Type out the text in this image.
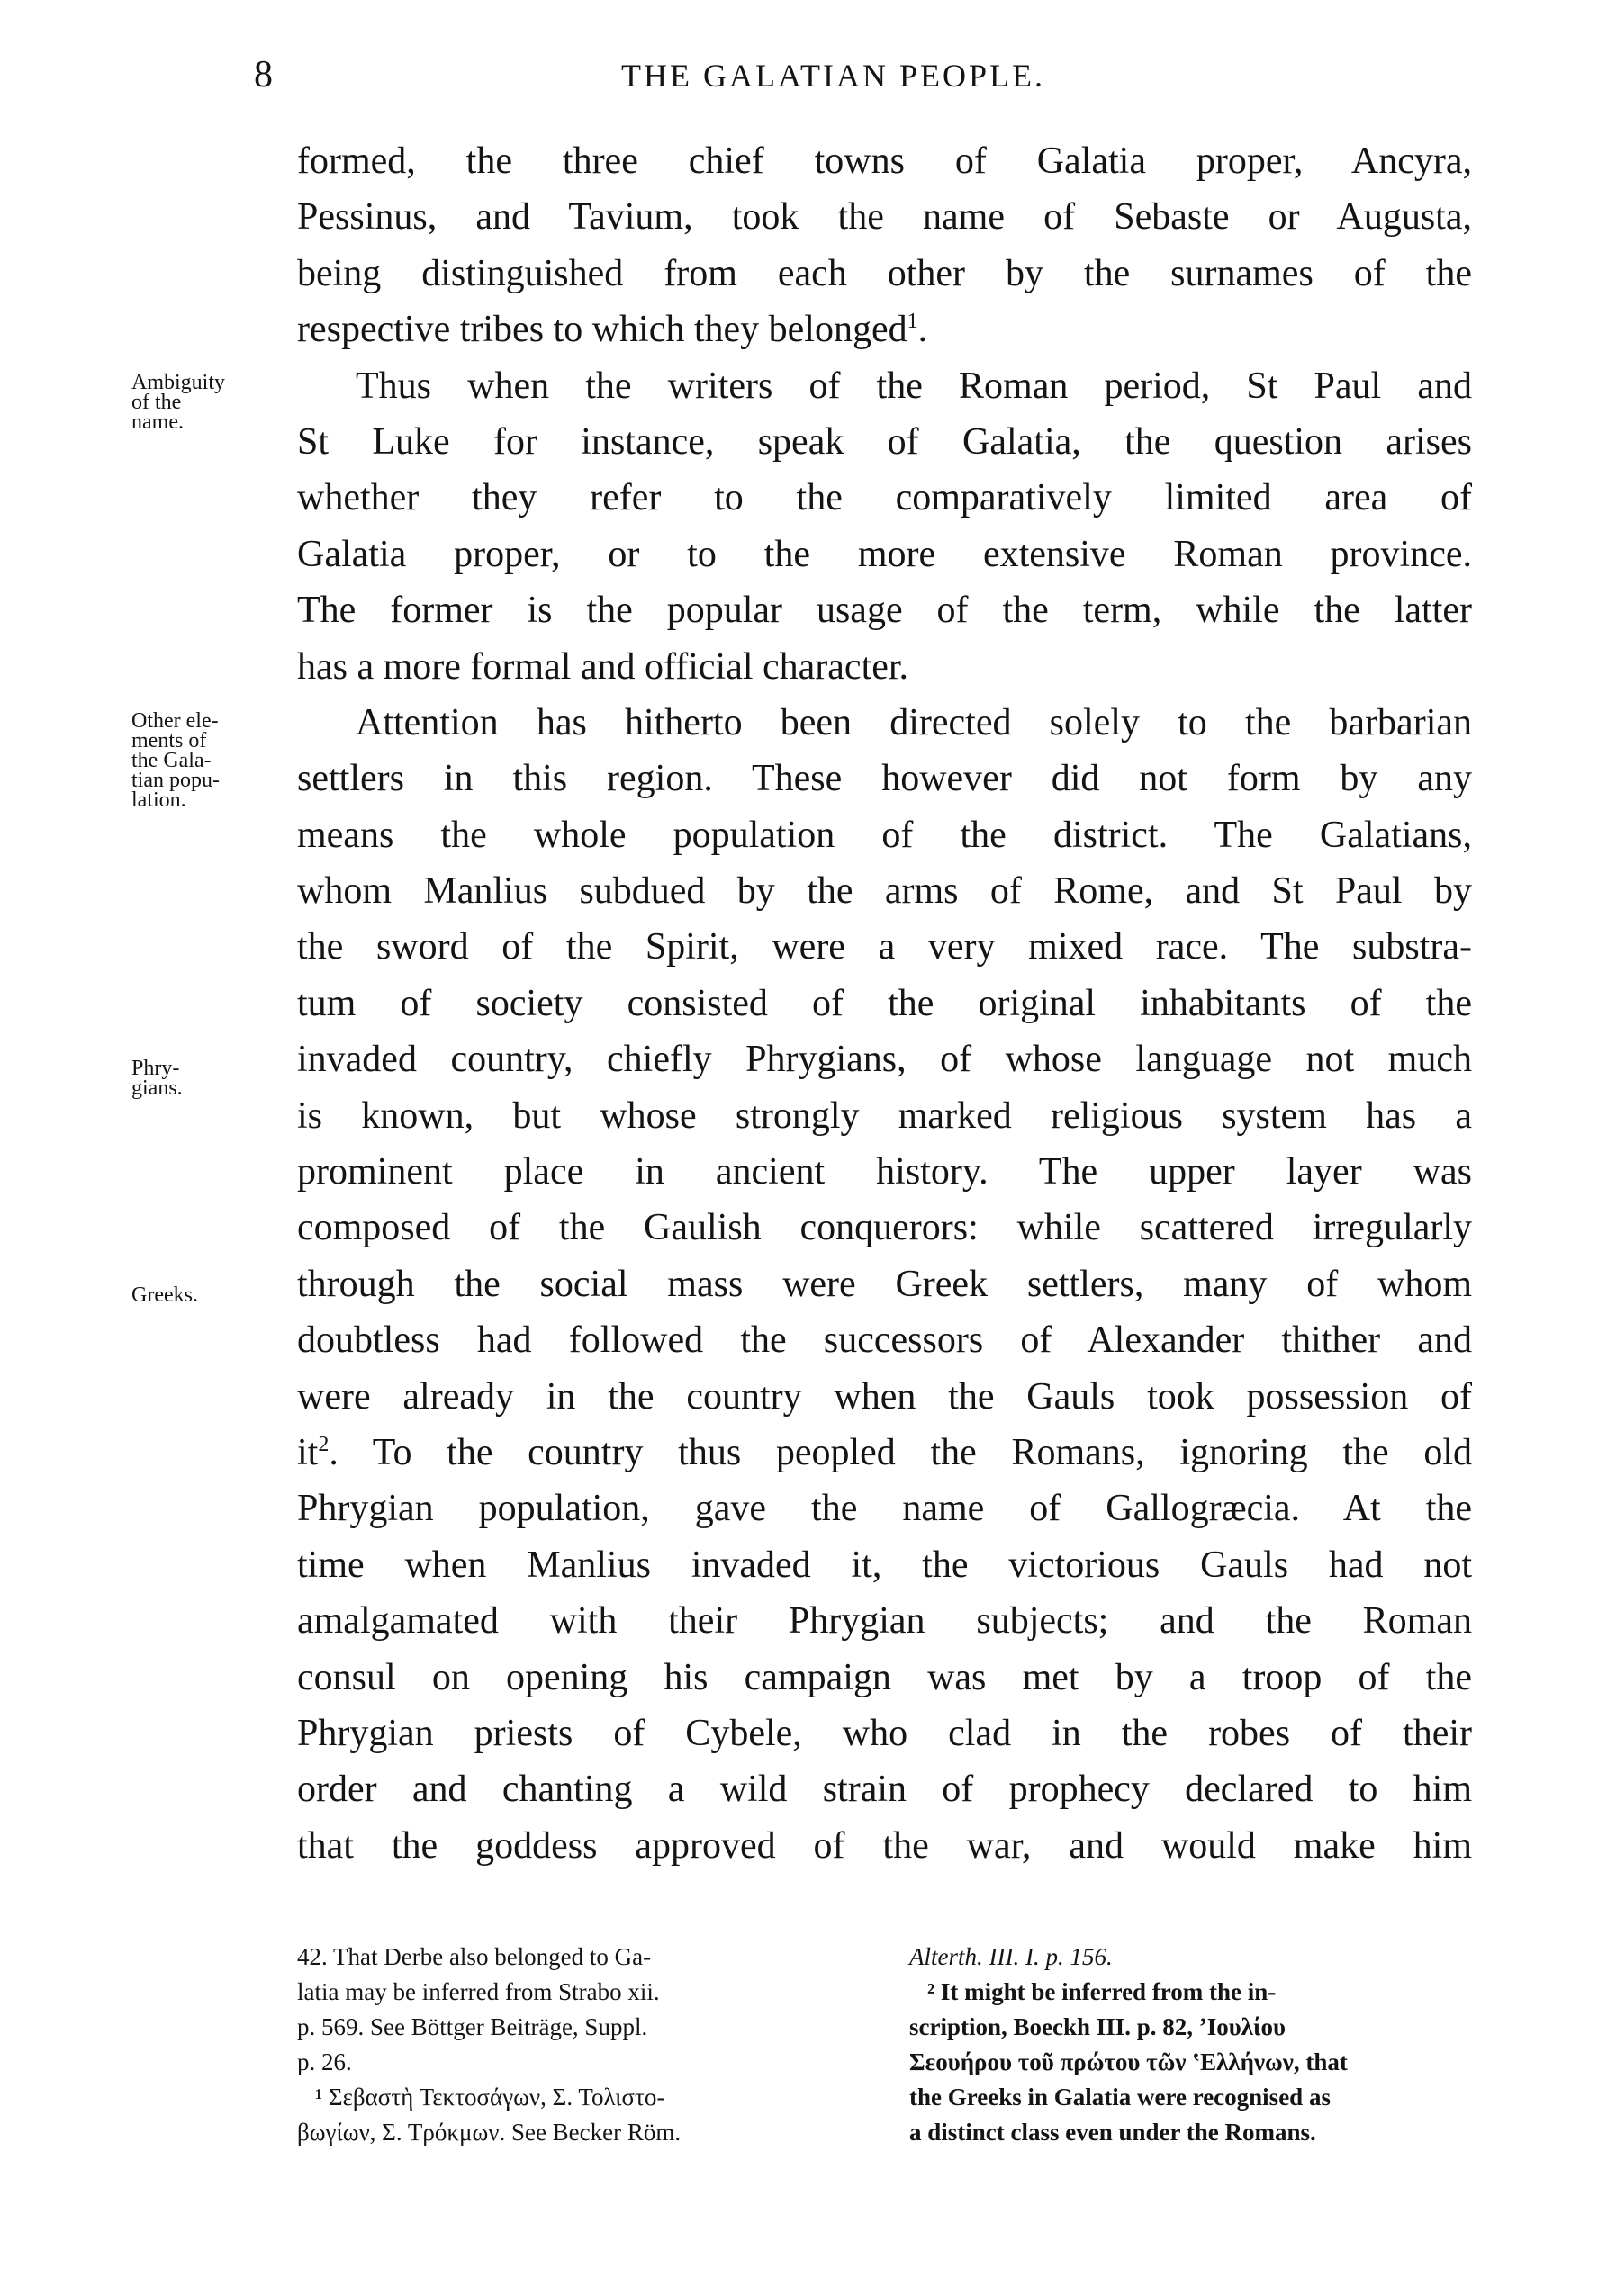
8	THE GALATIAN PEOPLE.
Ambiguity
of the
name.
Other ele-
ments of
the Gala-
tian popu-
lation.
Phry-
gians.
Greeks.
formed, the three chief towns of Galatia proper, Ancyra,
Pessinus, and Tavium, took the name of Sebaste or Augusta,
being distinguished from each other by the surnames of the
respective tribes to which they belonged$^1$.
Thus when the writers of the Roman period, St Paul and
St Luke for instance, speak of Galatia, the question arises
whether they refer to the comparatively limited area of
Galatia proper, or to the more extensive Roman province.
The former is the popular usage of the term, while the latter
has a more formal and official character.
Attention has hitherto been directed solely to the barbarian
settlers in this region. These however did not form by any
means the whole population of the district. The Galatians,
whom Manlius subdued by the arms of Rome, and St Paul by
the sword of the Spirit, were a very mixed race. The substra-
tum of society consisted of the original inhabitants of the
invaded country, chiefly Phrygians, of whose language not much
is known, but whose strongly marked religious system has a
prominent place in ancient history. The upper layer was
composed of the Gaulish conquerors: while scattered irregularly
through the social mass were Greek settlers, many of whom
doubtless had followed the successors of Alexander thither and
were already in the country when the Gauls took possession of
$it^2$. To the country thus peopled the Romans, ignoring the old
Phrygian population, gave the name of Gallogræcia. At the
time when Manlius invaded it, the victorious Gauls had not
amalgamated with their Phrygian subjects; and the Roman
consul on opening his campaign was met by a troop of the
Phrygian priests of Cybele, who clad in the robes of their
order and chanting a wild strain of prophecy declared to him
that the goddess approved of the war, and would make him
42. That Derbe also belonged to Ga-
latia may be inferred from Strabo xii.
p. 569. See Böttger Beiträge, Suppl.
p. 26.
¹ Σεβαστὴ Τεκτοσάγων, Σ. Τολιστο-
βωγίων, Σ. Τρόκμων. See Becker Röm.
Alterth. III. I. p. 156.
² It might be inferred from the in-
scription, Boeckh III. p. 82, ʼΙουλίου
Σεουήρου τοῦ πρώτου τῶν ʽΕλλήνων, that
the Greeks in Galatia were recognised as
a distinct class even under the Romans.
